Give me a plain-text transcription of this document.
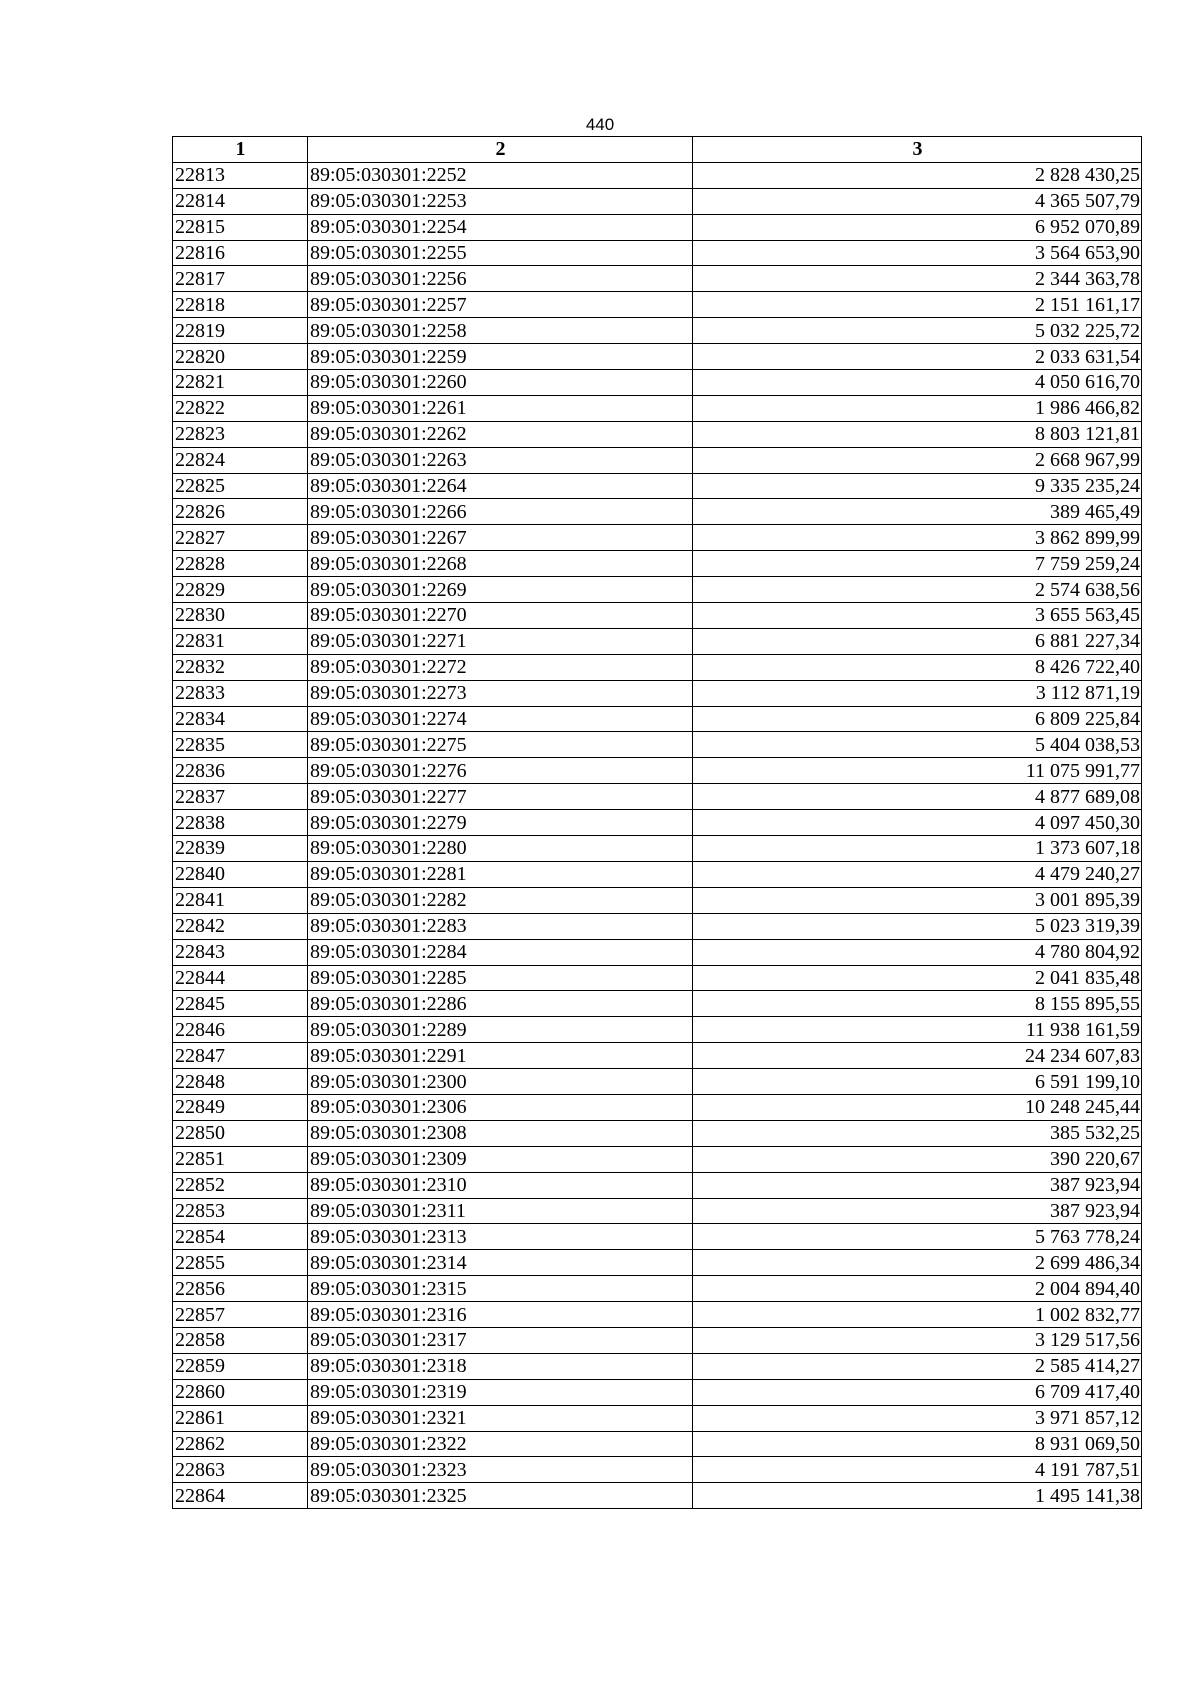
440
1	2	3
22813	89:05:030301:2252	2 828 430,25
22814	89:05:030301:2253	4 365 507,79
22815	89:05:030301:2254	6 952 070,89
22816	89:05:030301:2255	3 564 653,90
22817	89:05:030301:2256	2 344 363,78
22818	89:05:030301:2257	2 151 161,17
22819	89:05:030301:2258	5 032 225,72
22820	89:05:030301:2259	2 033 631,54
22821	89:05:030301:2260	4 050 616,70
22822	89:05:030301:2261	1 986 466,82
22823	89:05:030301:2262	8 803 121,81
22824	89:05:030301:2263	2 668 967,99
22825	89:05:030301:2264	9 335 235,24
22826	89:05:030301:2266	389 465,49
22827	89:05:030301:2267	3 862 899,99
22828	89:05:030301:2268	7 759 259,24
22829	89:05:030301:2269	2 574 638,56
22830	89:05:030301:2270	3 655 563,45
22831	89:05:030301:2271	6 881 227,34
22832	89:05:030301:2272	8 426 722,40
22833	89:05:030301:2273	3 112 871,19
22834	89:05:030301:2274	6 809 225,84
22835	89:05:030301:2275	5 404 038,53
22836	89:05:030301:2276	11 075 991,77
22837	89:05:030301:2277	4 877 689,08
22838	89:05:030301:2279	4 097 450,30
22839	89:05:030301:2280	1 373 607,18
22840	89:05:030301:2281	4 479 240,27
22841	89:05:030301:2282	3 001 895,39
22842	89:05:030301:2283	5 023 319,39
22843	89:05:030301:2284	4 780 804,92
22844	89:05:030301:2285	2 041 835,48
22845	89:05:030301:2286	8 155 895,55
22846	89:05:030301:2289	11 938 161,59
22847	89:05:030301:2291	24 234 607,83
22848	89:05:030301:2300	6 591 199,10
22849	89:05:030301:2306	10 248 245,44
22850	89:05:030301:2308	385 532,25
22851	89:05:030301:2309	390 220,67
22852	89:05:030301:2310	387 923,94
22853	89:05:030301:2311	387 923,94
22854	89:05:030301:2313	5 763 778,24
22855	89:05:030301:2314	2 699 486,34
22856	89:05:030301:2315	2 004 894,40
22857	89:05:030301:2316	1 002 832,77
22858	89:05:030301:2317	3 129 517,56
22859	89:05:030301:2318	2 585 414,27
22860	89:05:030301:2319	6 709 417,40
22861	89:05:030301:2321	3 971 857,12
22862	89:05:030301:2322	8 931 069,50
22863	89:05:030301:2323	4 191 787,51
22864	89:05:030301:2325	1 495 141,38
